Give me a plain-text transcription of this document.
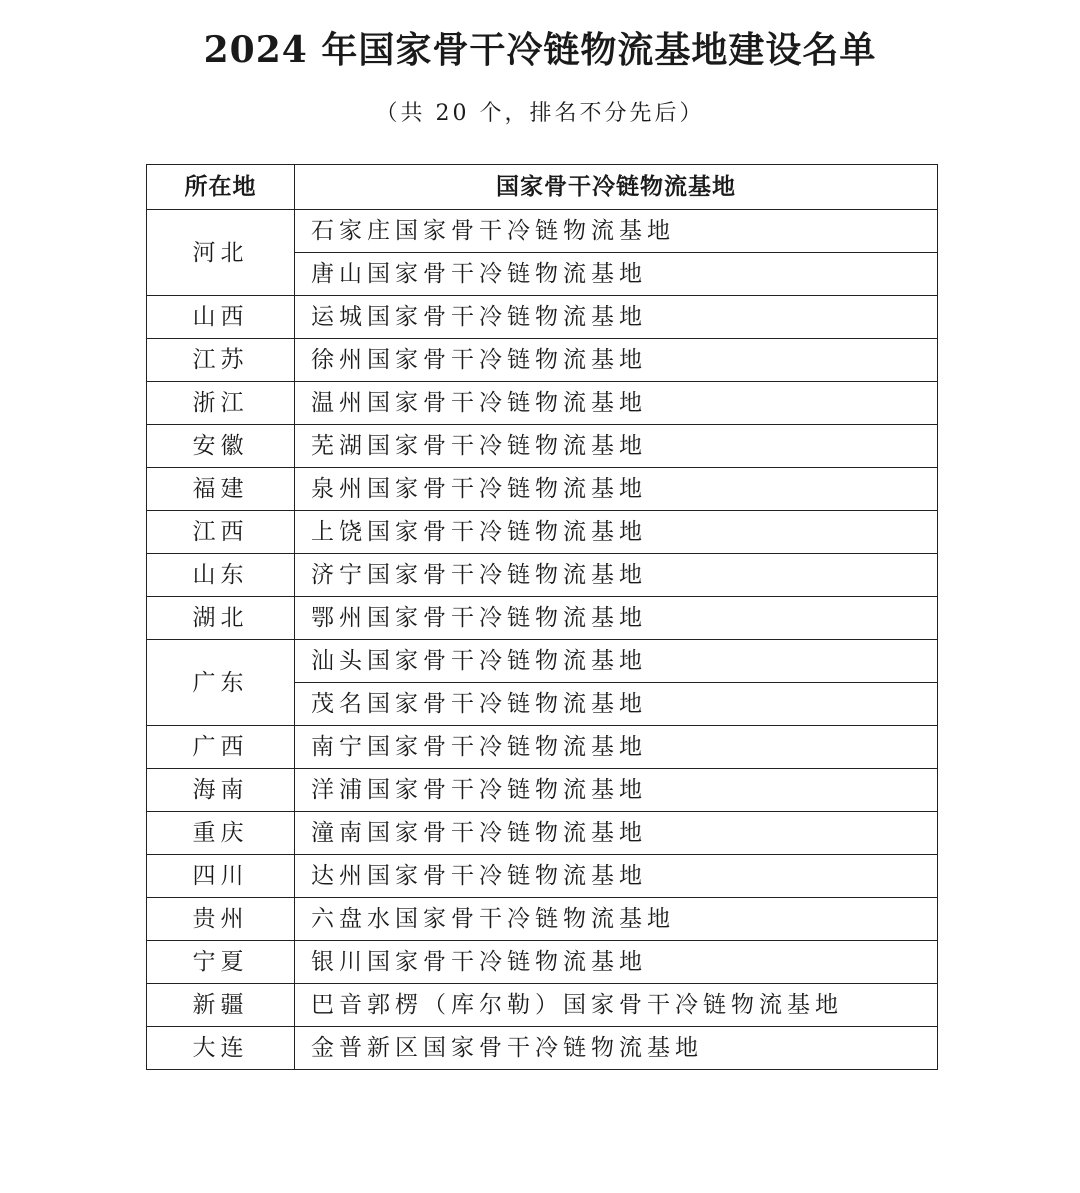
2024 年国家骨干冷链物流基地建设名单
（共 20 个，排名不分先后）
所在地	国家骨干冷链物流基地
河北	石家庄国家骨干冷链物流基地
	唐山国家骨干冷链物流基地
山西	运城国家骨干冷链物流基地
江苏	徐州国家骨干冷链物流基地
浙江	温州国家骨干冷链物流基地
安徽	芜湖国家骨干冷链物流基地
福建	泉州国家骨干冷链物流基地
江西	上饶国家骨干冷链物流基地
山东	济宁国家骨干冷链物流基地
湖北	鄂州国家骨干冷链物流基地
广东	汕头国家骨干冷链物流基地
	茂名国家骨干冷链物流基地
广西	南宁国家骨干冷链物流基地
海南	洋浦国家骨干冷链物流基地
重庆	潼南国家骨干冷链物流基地
四川	达州国家骨干冷链物流基地
贵州	六盘水国家骨干冷链物流基地
宁夏	银川国家骨干冷链物流基地
新疆	巴音郭楞（库尔勒）国家骨干冷链物流基地
大连	金普新区国家骨干冷链物流基地
